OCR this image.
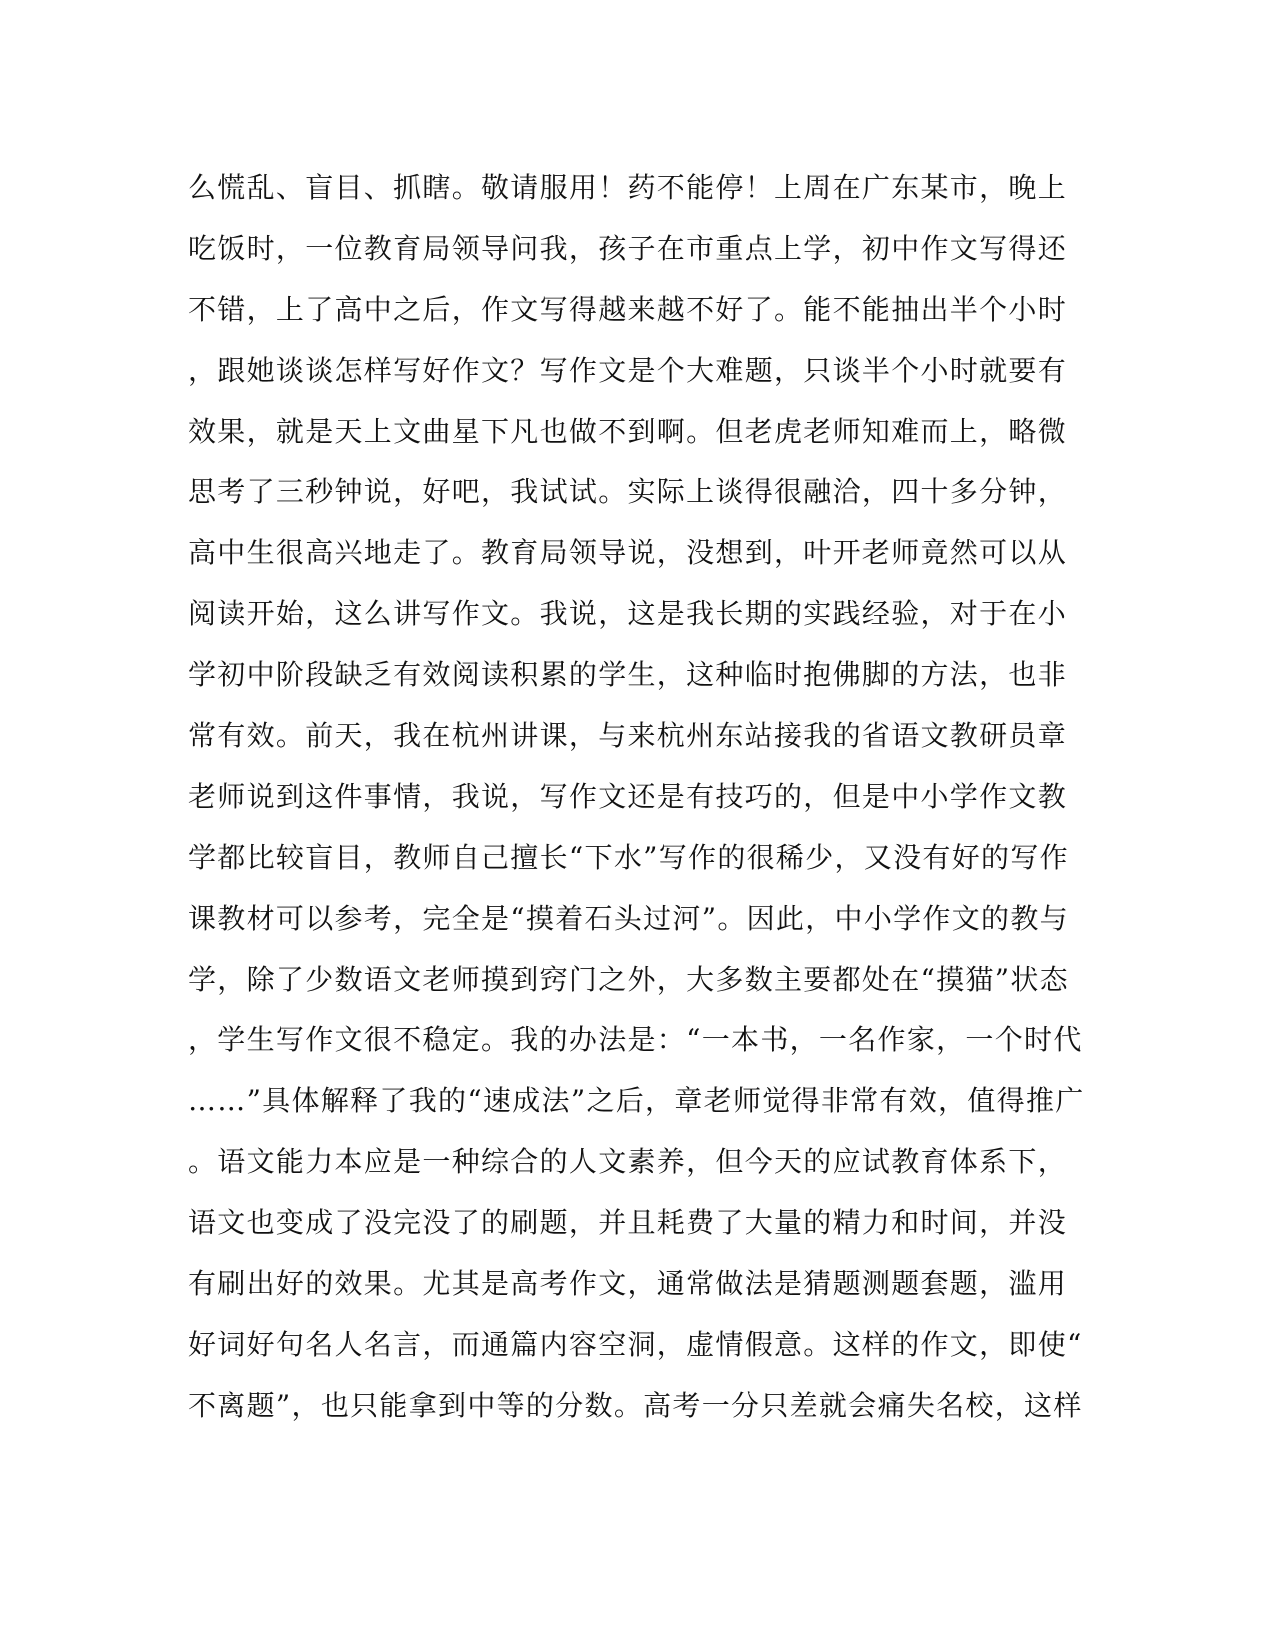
么慌乱、盲目、抓瞎。敬请服用！药不能停！上周在广东某市，晚上
吃饭时，一位教育局领导问我，孩子在市重点上学，初中作文写得还
不错，上了高中之后，作文写得越来越不好了。能不能抽出半个小时
，跟她谈谈怎样写好作文？写作文是个大难题，只谈半个小时就要有
效果，就是天上文曲星下凡也做不到啊。但老虎老师知难而上，略微
思考了三秒钟说，好吧，我试试。实际上谈得很融洽，四十多分钟，
高中生很高兴地走了。教育局领导说，没想到，叶开老师竟然可以从
阅读开始，这么讲写作文。我说，这是我长期的实践经验，对于在小
学初中阶段缺乏有效阅读积累的学生，这种临时抱佛脚的方法，也非
常有效。前天，我在杭州讲课，与来杭州东站接我的省语文教研员章
老师说到这件事情，我说，写作文还是有技巧的，但是中小学作文教
学都比较盲目，教师自己擅长“下水”写作的很稀少，又没有好的写作
课教材可以参考，完全是“摸着石头过河”。因此，中小学作文的教与
学，除了少数语文老师摸到窍门之外，大多数主要都处在“摸猫”状态
，学生写作文很不稳定。我的办法是：“一本书，一名作家，一个时代
……”具体解释了我的“速成法”之后，章老师觉得非常有效，值得推广
。语文能力本应是一种综合的人文素养，但今天的应试教育体系下，
语文也变成了没完没了的刷题，并且耗费了大量的精力和时间，并没
有刷出好的效果。尤其是高考作文，通常做法是猜题测题套题，滥用
好词好句名人名言，而通篇内容空洞，虚情假意。这样的作文，即使“
不离题”，也只能拿到中等的分数。高考一分只差就会痛失名校，这样
